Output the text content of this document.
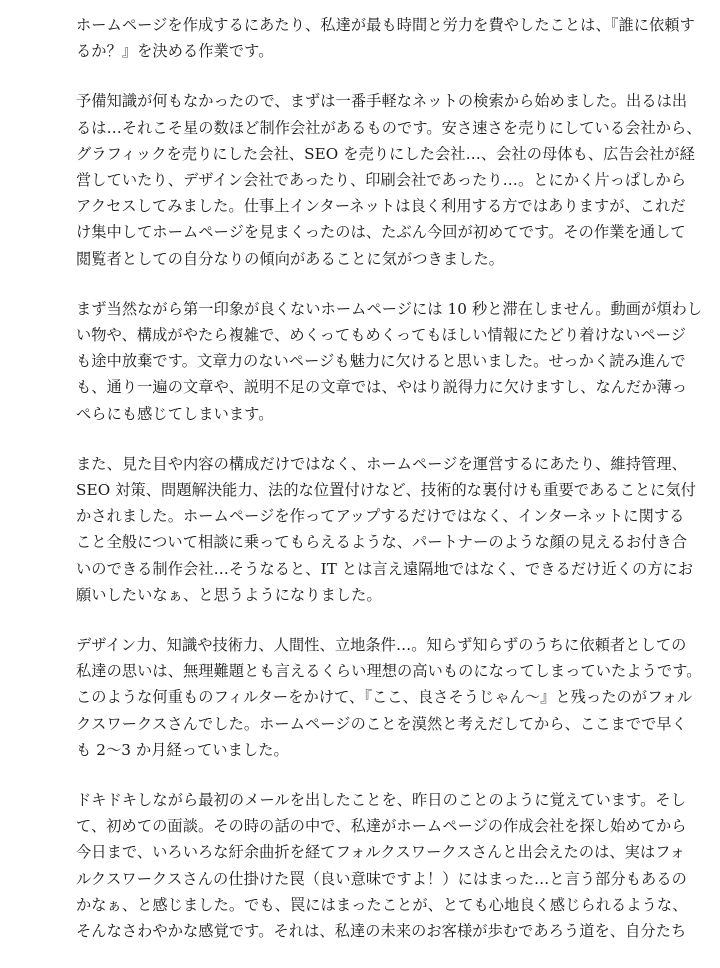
ホームページを作成するにあたり、私達が最も時間と労力を費やしたことは、『誰に依頼す
るか？』を決める作業です。
予備知識が何もなかったので、まずは一番手軽なネットの検索から始めました。出るは出
るは…それこそ星の数ほど制作会社があるものです。安さ速さを売りにしている会社から、
グラフィックを売りにした会社、SEO を売りにした会社…、会社の母体も、広告会社が経
営していたり、デザイン会社であったり、印刷会社であったり…。とにかく片っぱしから
アクセスしてみました。仕事上インターネットは良く利用する方ではありますが、これだ
け集中してホームページを見まくったのは、たぶん今回が初めてです。その作業を通して
閲覧者としての自分なりの傾向があることに気がつきました。
まず当然ながら第一印象が良くないホームページには 10 秒と滞在しません。動画が煩わし
い物や、構成がやたら複雑で、めくってもめくってもほしい情報にたどり着けないページ
も途中放棄です。文章力のないページも魅力に欠けると思いました。せっかく読み進んで
も、通り一遍の文章や、説明不足の文章では、やはり説得力に欠けますし、なんだか薄っ
ぺらにも感じてしまいます。
また、見た目や内容の構成だけではなく、ホームページを運営するにあたり、維持管理、
SEO 対策、問題解決能力、法的な位置付けなど、技術的な裏付けも重要であることに気付
かされました。ホームページを作ってアップするだけではなく、インターネットに関する
こと全般について相談に乗ってもらえるような、パートナーのような顔の見えるお付き合
いのできる制作会社…そうなると、IT とは言え遠隔地ではなく、できるだけ近くの方にお
願いしたいなぁ、と思うようになりました。
デザイン力、知識や技術力、人間性、立地条件…。知らず知らずのうちに依頼者としての
私達の思いは、無理難題とも言えるくらい理想の高いものになってしまっていたようです。
このような何重ものフィルターをかけて、『ここ、良さそうじゃん～』と残ったのがフォル
クスワークスさんでした。ホームページのことを漠然と考えだしてから、ここまでで早く
も 2～3 か月経っていました。
ドキドキしながら最初のメールを出したことを、昨日のことのように覚えています。そし
て、初めての面談。その時の話の中で、私達がホームページの作成会社を探し始めてから
今日まで、いろいろな紆余曲折を経てフォルクスワークスさんと出会えたのは、実はフォ
ルクスワークスさんの仕掛けた罠（良い意味ですよ！）にはまった…と言う部分もあるの
かなぁ、と感じました。でも、罠にはまったことが、とても心地良く感じられるような、
そんなさわやかな感覚です。それは、私達の未来のお客様が歩むであろう道を、自分たち
